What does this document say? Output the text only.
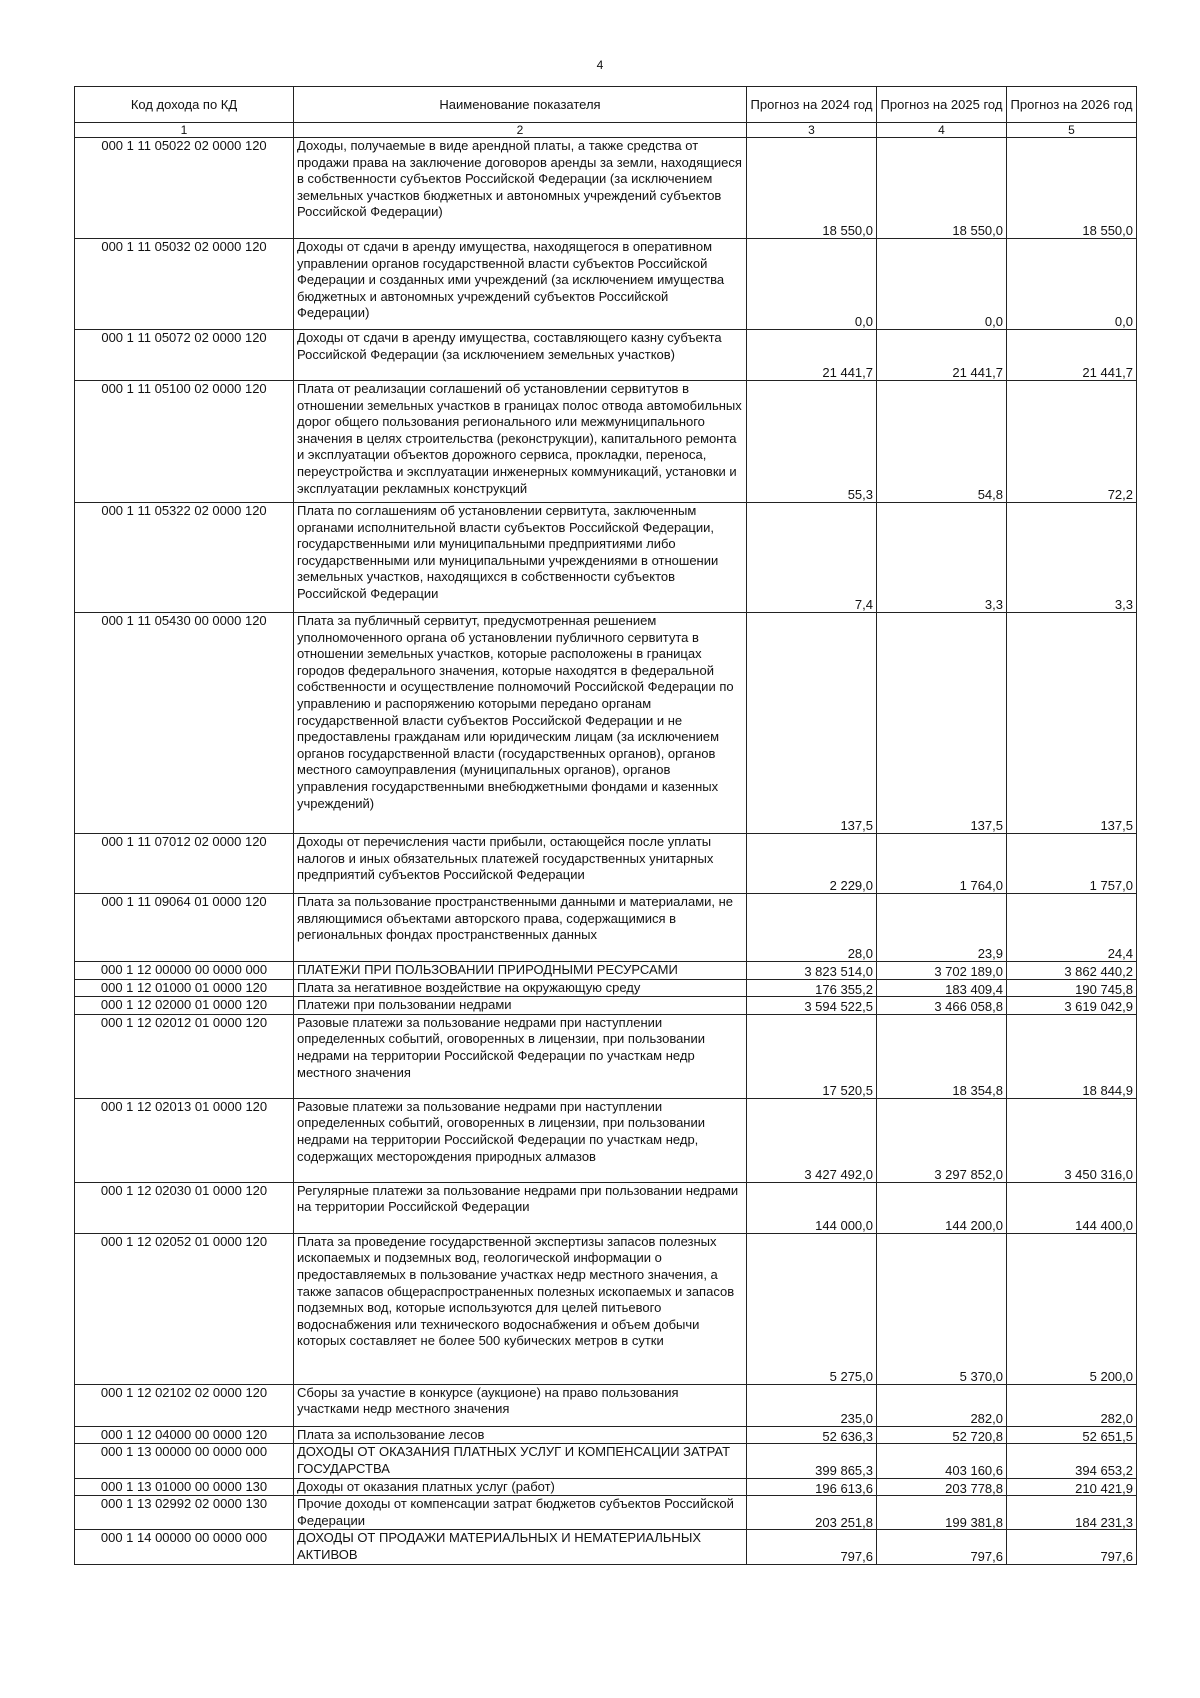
4
Код дохода по КД	Наименование показателя	Прогноз на 2024 год	Прогноз на 2025 год	Прогноз на 2026 год
1	2	3	4	5
000 1 11 05022 02 0000 120	Доходы, получаемые в виде арендной платы, а также средства от продажи права на заключение договоров аренды за земли, находящиеся в собственности субъектов Российской Федерации (за исключением земельных участков бюджетных и автономных учреждений субъектов Российской Федерации)	18 550,0	18 550,0	18 550,0
000 1 11 05032 02 0000 120	Доходы от сдачи в аренду имущества, находящегося в оперативном управлении органов государственной власти субъектов Российской Федерации и созданных ими учреждений (за исключением имущества бюджетных и автономных учреждений субъектов Российской Федерации)	0,0	0,0	0,0
000 1 11 05072 02 0000 120	Доходы от сдачи в аренду имущества, составляющего казну субъекта Российской Федерации (за исключением земельных участков)	21 441,7	21 441,7	21 441,7
000 1 11 05100 02 0000 120	Плата от реализации соглашений об установлении сервитутов в отношении земельных участков в границах полос отвода автомобильных дорог общего пользования регионального или межмуниципального значения в целях строительства (реконструкции), капитального ремонта и эксплуатации объектов дорожного сервиса, прокладки, переноса, переустройства и эксплуатации инженерных коммуникаций, установки и эксплуатации рекламных конструкций	55,3	54,8	72,2
000 1 11 05322 02 0000 120	Плата по соглашениям об установлении сервитута, заключенным органами исполнительной власти субъектов Российской Федерации, государственными или муниципальными предприятиями либо государственными или муниципальными учреждениями в отношении земельных участков, находящихся в собственности субъектов Российской Федерации	7,4	3,3	3,3
000 1 11 05430 00 0000 120	Плата за публичный сервитут, предусмотренная решением уполномоченного органа об установлении публичного сервитута в отношении земельных участков, которые расположены в границах городов федерального значения, которые находятся в федеральной собственности и осуществление полномочий Российской Федерации по управлению и распоряжению которыми передано органам государственной власти субъектов Российской Федерации и не предоставлены гражданам или юридическим лицам (за исключением органов государственной власти (государственных органов), органов местного самоуправления (муниципальных органов), органов управления государственными внебюджетными фондами и казенных учреждений)	137,5	137,5	137,5
000 1 11 07012 02 0000 120	Доходы от перечисления части прибыли, остающейся после уплаты налогов и иных обязательных платежей государственных унитарных предприятий субъектов Российской Федерации	2 229,0	1 764,0	1 757,0
000 1 11 09064 01 0000 120	Плата за пользование пространственными данными и материалами, не являющимися объектами авторского права, содержащимися в региональных фондах пространственных данных	28,0	23,9	24,4
000 1 12 00000 00 0000 000	ПЛАТЕЖИ ПРИ ПОЛЬЗОВАНИИ ПРИРОДНЫМИ РЕСУРСАМИ	3 823 514,0	3 702 189,0	3 862 440,2
000 1 12 01000 01 0000 120	Плата за негативное воздействие на окружающую среду	176 355,2	183 409,4	190 745,8
000 1 12 02000 01 0000 120	Платежи при пользовании недрами	3 594 522,5	3 466 058,8	3 619 042,9
000 1 12 02012 01 0000 120	Разовые платежи за пользование недрами при наступлении определенных событий, оговоренных в лицензии, при пользовании недрами на территории Российской Федерации по участкам недр местного значения	17 520,5	18 354,8	18 844,9
000 1 12 02013 01 0000 120	Разовые платежи за пользование недрами при наступлении определенных событий, оговоренных в лицензии, при пользовании недрами на территории Российской Федерации по участкам недр, содержащих месторождения природных алмазов	3 427 492,0	3 297 852,0	3 450 316,0
000 1 12 02030 01 0000 120	Регулярные платежи за пользование недрами при пользовании недрами на территории Российской Федерации	144 000,0	144 200,0	144 400,0
000 1 12 02052 01 0000 120	Плата за проведение государственной экспертизы запасов полезных ископаемых и подземных вод, геологической информации о предоставляемых в пользование участках недр местного значения, а также запасов общераспространенных полезных ископаемых и запасов подземных вод, которые используются для целей питьевого водоснабжения или технического водоснабжения и объем добычи которых составляет не более 500 кубических метров в сутки	5 275,0	5 370,0	5 200,0
000 1 12 02102 02 0000 120	Сборы за участие в конкурсе (аукционе) на право пользования участками недр местного значения	235,0	282,0	282,0
000 1 12 04000 00 0000 120	Плата за использование лесов	52 636,3	52 720,8	52 651,5
000 1 13 00000 00 0000 000	ДОХОДЫ ОТ ОКАЗАНИЯ ПЛАТНЫХ УСЛУГ И КОМПЕНСАЦИИ ЗАТРАТ ГОСУДАРСТВА	399 865,3	403 160,6	394 653,2
000 1 13 01000 00 0000 130	Доходы от оказания платных услуг (работ)	196 613,6	203 778,8	210 421,9
000 1 13 02992 02 0000 130	Прочие доходы от компенсации затрат бюджетов субъектов Российской Федерации	203 251,8	199 381,8	184 231,3
000 1 14 00000 00 0000 000	ДОХОДЫ ОТ ПРОДАЖИ МАТЕРИАЛЬНЫХ И НЕМАТЕРИАЛЬНЫХ АКТИВОВ	797,6	797,6	797,6
